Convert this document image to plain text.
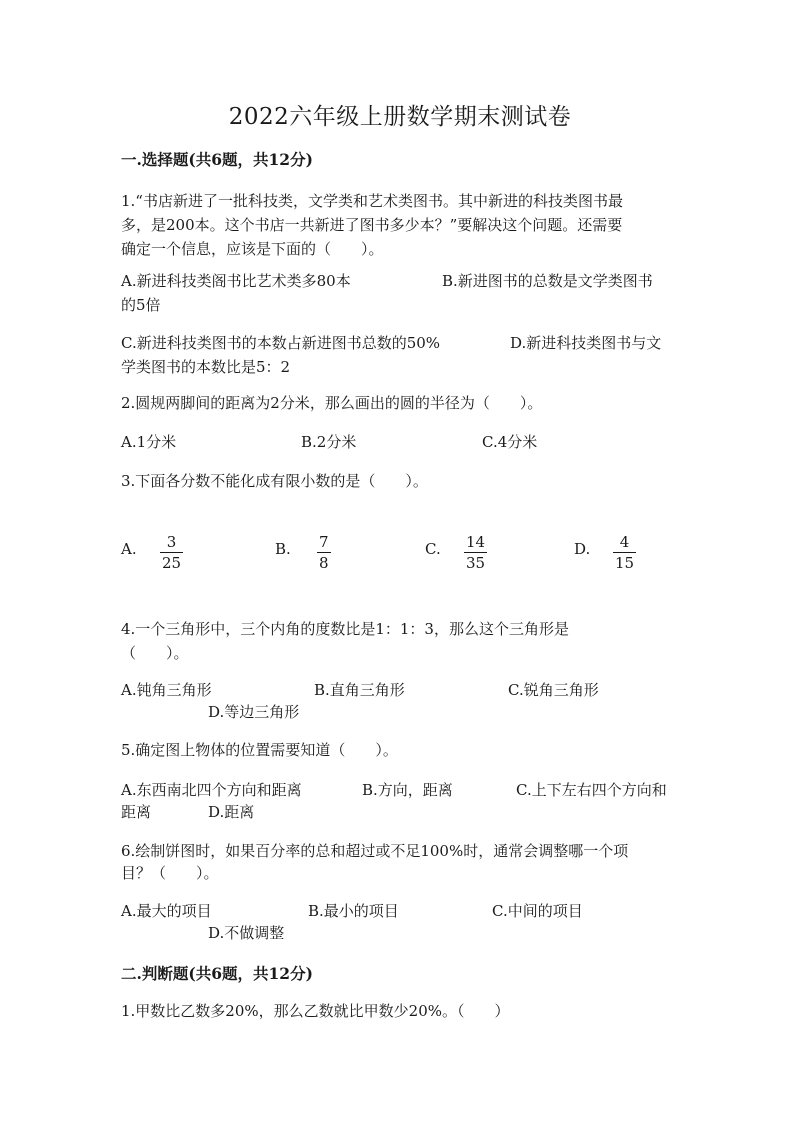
2022六年级上册数学期末测试卷
一.选择题(共6题，共12分)
1.“书店新进了一批科技类，文学类和艺术类图书。其中新进的科技类图书最
多，是200本。这个书店一共新进了图书多少本？”要解决这个问题。还需要
确定一个信息，应该是下面的（　　）。
A.新进科技类阁书比艺术类多80本	B.新进图书的总数是文学类图书
的5倍
C.新进科技类图书的本数占新进图书总数的50%	D.新进科技类图书与文
学类图书的本数比是5：2
2.圆规两脚间的距离为2分米，那么画出的圆的半径为（　　）。
A.1分米	B.2分米	C.4分米
3.下面各分数不能化成有限小数的是（　　）。
A. $\frac{3}{25}$	B. $\frac{7}{8}$	C. $\frac{14}{35}$	D. $\frac{4}{15}$
4.一个三角形中，三个内角的度数比是1：1：3，那么这个三角形是
（　　）。
A.钝角三角形	B.直角三角形	C.锐角三角形
D.等边三角形
5.确定图上物体的位置需要知道（　　）。
A.东西南北四个方向和距离	B.方向，距离	C.上下左右四个方向和
距离	D.距离
6.绘制饼图时，如果百分率的总和超过或不足100%时，通常会调整哪一个项
目？（　　）。
A.最大的项目	B.最小的项目	C.中间的项目
D.不做调整
二.判断题(共6题，共12分)
1.甲数比乙数多20%，那么乙数就比甲数少20%。（　　）
